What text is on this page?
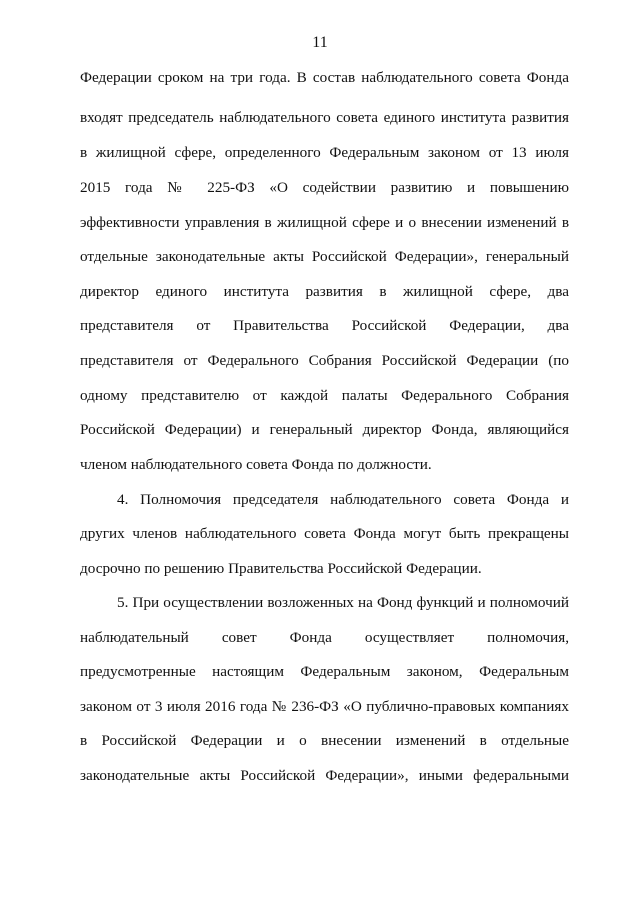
11
Федерации сроком на три года. В состав наблюдательного совета Фонда
входят председатель наблюдательного совета единого института развития
в жилищной сфере, определенного Федеральным законом от 13 июля
2015 года № 225-ФЗ «О содействии развитию и повышению
эффективности управления в жилищной сфере и о внесении изменений в
отдельные законодательные акты Российской Федерации», генеральный
директор единого института развития в жилищной сфере, два
представителя от Правительства Российской Федерации, два
представителя от Федерального Собрания Российской Федерации (по
одному представителю от каждой палаты Федерального Собрания
Российской Федерации) и генеральный директор Фонда, являющийся
членом наблюдательного совета Фонда по должности.
4. Полномочия председателя наблюдательного совета Фонда и
других членов наблюдательного совета Фонда могут быть прекращены
досрочно по решению Правительства Российской Федерации.
5. При осуществлении возложенных на Фонд функций и полномочий
наблюдательный совет Фонда осуществляет полномочия,
предусмотренные настоящим Федеральным законом, Федеральным
законом от 3 июля 2016 года № 236-ФЗ «О публично-правовых компаниях
в Российской Федерации и о внесении изменений в отдельные
законодательные акты Российской Федерации», иными федеральными
